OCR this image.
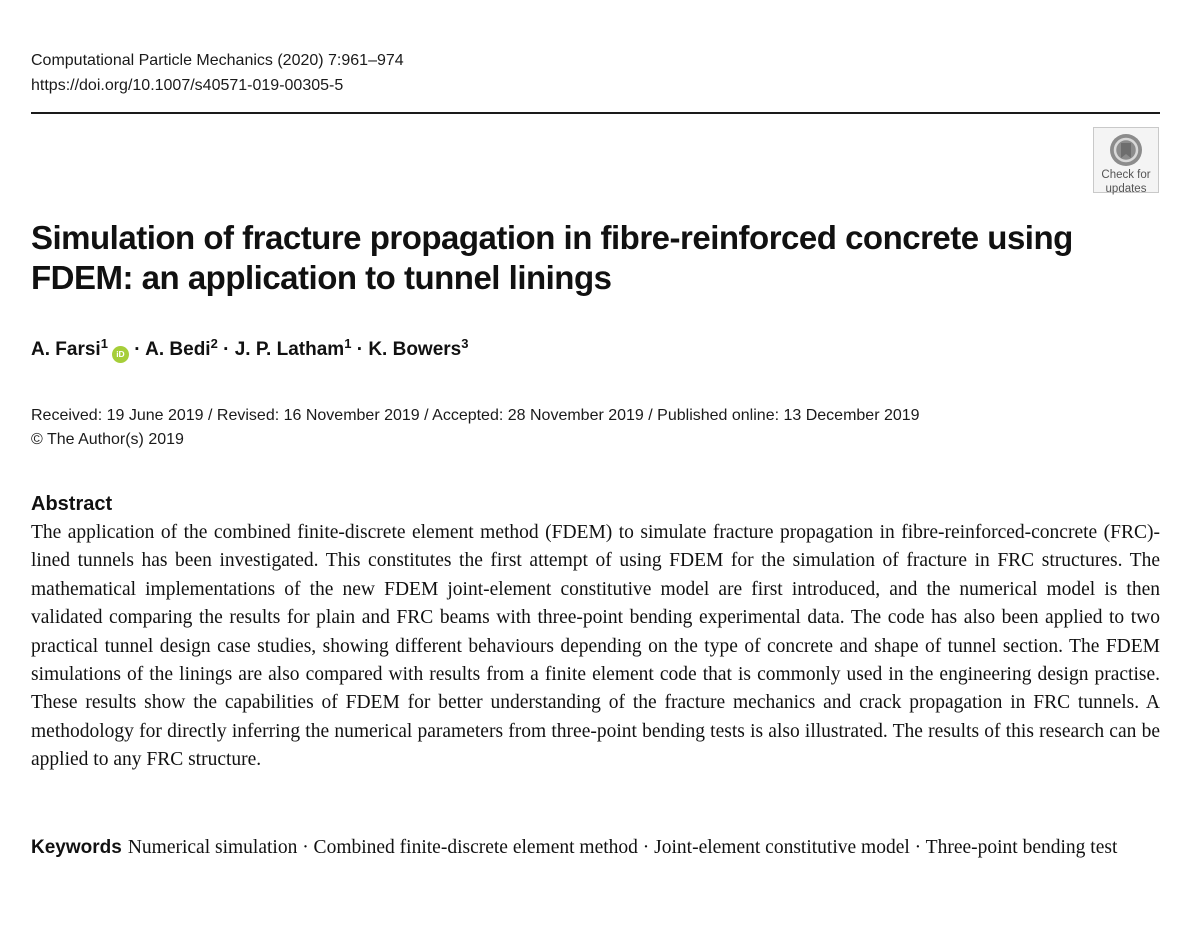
Computational Particle Mechanics (2020) 7:961–974
https://doi.org/10.1007/s40571-019-00305-5
Check for
updates
Simulation of fracture propagation in fibre-reinforced concrete using FDEM: an application to tunnel linings
A. Farsi$^1$iD · A. Bedi$^2$ · J. P. Latham$^1$ · K. Bowers$^3$
Received: 19 June 2019 / Revised: 16 November 2019 / Accepted: 28 November 2019 / Published online: 13 December 2019
© The Author(s) 2019
Abstract

The application of the combined finite-discrete element method (FDEM) to simulate fracture propagation in fibre-reinforced-concrete (FRC)-lined tunnels has been investigated. This constitutes the first attempt of using FDEM for the simulation of fracture in FRC structures. The mathematical implementations of the new FDEM joint-element constitutive model are first introduced, and the numerical model is then validated comparing the results for plain and FRC beams with three-point bending experimental data. The code has also been applied to two practical tunnel design case studies, showing different behaviours depending on the type of concrete and shape of tunnel section. The FDEM simulations of the linings are also compared with results from a finite element code that is commonly used in the engineering design practise. These results show the capabilities of FDEM for better understanding of the fracture mechanics and crack propagation in FRC tunnels. A methodology for directly inferring the numerical parameters from three-point bending tests is also illustrated. The results of this research can be applied to any FRC structure.

Keywords Numerical simulation · Combined finite-discrete element method · Joint-element constitutive model · Three-point bending test
